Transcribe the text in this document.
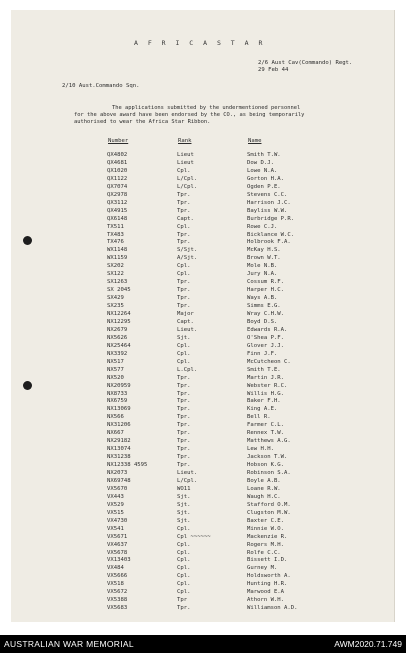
A F R I C A S T A R
2/6 Aust Cav(Commando) Regt.
29 Feb 44
2/10 Aust.Commando Sqn.
The applications submitted by the undermentioned personnel
for the above award have been endorsed by the CO., as being temporarily
authorised to wear the Africa Star Ribbon.
Number	Rank	Name
QX4802	Lieut	Smith T.W.
QX4681	Lieut	Dow D.J.
QX1020	Cpl.	Lowe N.A.
QX1122	L/Cpl.	Gorton H.A.
QX7074	L/Cpl.	Ogden P.E.
QX2978	Tpr.	Stevens C.C.
QX3112	Tpr.	Harrison J.C.
QX4915	Tpr.	Bayliss W.W.
QX6148	Capt.	Burbridge P.R.
TX511	Cpl.	Rowe C.J.
TX483	Tpr.	Bicklance W.C.
TX476	Tpr.	Holbrook F.A.
WX1148	S/Sjt.	McKay H.S.
WX1159	A/Sjt.	Brown W.T.
SX202	Cpl.	Mole N.B.
SX122	Cpl.	Jury N.A.
SX1263	Tpr.	Cossum R.F.
SX 2045	Tpr.	Harper H.C.
SX429	Tpr.	Ways A.B.
SX235	Tpr.	Simms E.G.
NX12264	Major	Wray C.H.W.
NX12295	Capt.	Boyd D.S.
NX2679	Lieut.	Edwards R.A.
NX5626	Sjt.	O'Shea P.F.
NX25464	Cpl.	Glover J.J.
NX3392	Cpl.	Finn J.F.
NX517	Cpl.	McCutcheon C.
NX577	L.Cpl.	Smith T.E.
NX520	Tpr.	Martin J.R.
NX20959	Tpr.	Webster R.C.
NX8733	Tpr.	Willis H.G.
NX6759	Tpr.	Baker F.H.
NX13069	Tpr.	King A.E.
NX566	Tpr.	Bell R.
NX31206	Tpr.	Farmer C.L.
NX667	Tpr.	Rennex T.W.
NX29182	Tpr.	Matthews A.G.
NX13074	Tpr.	Lew H.H.
NX31238	Tpr.	Jackson T.W.
NX12338 4595	Tpr.	Hobson K.G.
NX2073	Lieut.	Robinson S.A.
NX69748	L/Cpl.	Boyle A.B.
VX5670	WO11	Loane R.W.
VX443	Sjt.	Waugh H.C.
VX529	Sjt.	Stafford O.M.
VX515	Sjt.	Clugston M.W.
VX4730	Sjt.	Baxter C.E.
VX541	Cpl.	Minnie W.O.
VX5671	Cpl ~~~~~~	Mackenzie R.
VX4637	Cpl.	Rogers M.H.
VX5678	Cpl.	Rolfe C.C.
VX13403	Cpl.	Bissett I.D.
VX484	Cpl.	Gurney M.
VX5666	Cpl.	Holdsworth A.
VX518	Cpl.	Hunting H.R.
VX5672	Cpl.	Marwood E.A
VX5388	Tpr	Athorn W.H.
VX5683	Tpr.	Williamson A.D.
AUSTRALIAN WAR MEMORIAL	AWM2020.71.749
